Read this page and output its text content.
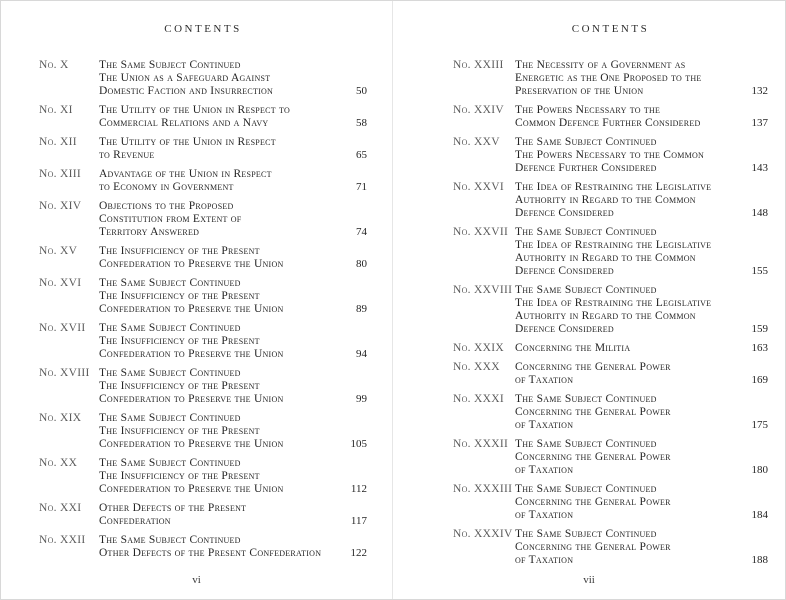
CONTENTS
No. X	The Same Subject Continued
The Union as a Safeguard Against
Domestic Faction and Insurrection	50
No. XI	The Utility of the Union in Respect to
Commercial Relations and a Navy	58
No. XII	The Utility of the Union in Respect
to Revenue	65
No. XIII	Advantage of the Union in Respect
to Economy in Government	71
No. XIV	Objections to the Proposed
Constitution from Extent of
Territory Answered	74
No. XV	The Insufficiency of the Present
Confederation to Preserve the Union	80
No. XVI	The Same Subject Continued
The Insufficiency of the Present
Confederation to Preserve the Union	89
No. XVII	The Same Subject Continued
The Insufficiency of the Present
Confederation to Preserve the Union	94
No. XVIII The Same Subject Continued
The Insufficiency of the Present
Confederation to Preserve the Union	99
No. XIX	The Same Subject Continued
The Insufficiency of the Present
Confederation to Preserve the Union	105
No. XX	The Same Subject Continued
The Insufficiency of the Present
Confederation to Preserve the Union	112
No. XXI	Other Defects of the Present
Confederation	117
No. XXII	The Same Subject Continued
Other Defects of the Present Confederation	122
vi
CONTENTS
No. XXIII The Necessity of a Government as
Energetic as the One Proposed to the
Preservation of the Union	132
No. XXIV The Powers Necessary to the
Common Defence Further Considered	137
No. XXV	The Same Subject Continued
The Powers Necessary to the Common
Defence Further Considered	143
No. XXVI The Idea of Restraining the Legislative
Authority in Regard to the Common
Defence Considered	148
No. XXVII The Same Subject Continued
The Idea of Restraining the Legislative
Authority in Regard to the Common
Defence Considered	155
No. XXVIII The Same Subject Continued
The Idea of Restraining the Legislative
Authority in Regard to the Common
Defence Considered	159
No. XXIX Concerning the Militia	163
No. XXX	Concerning the General Power
of Taxation	169
No. XXXI The Same Subject Continued
Concerning the General Power
of Taxation	175
No. XXXII The Same Subject Continued
Concerning the General Power
of Taxation	180
No. XXXIII The Same Subject Continued
Concerning the General Power
of Taxation	184
No. XXXIV The Same Subject Continued
Concerning the General Power
of Taxation	188
vii
